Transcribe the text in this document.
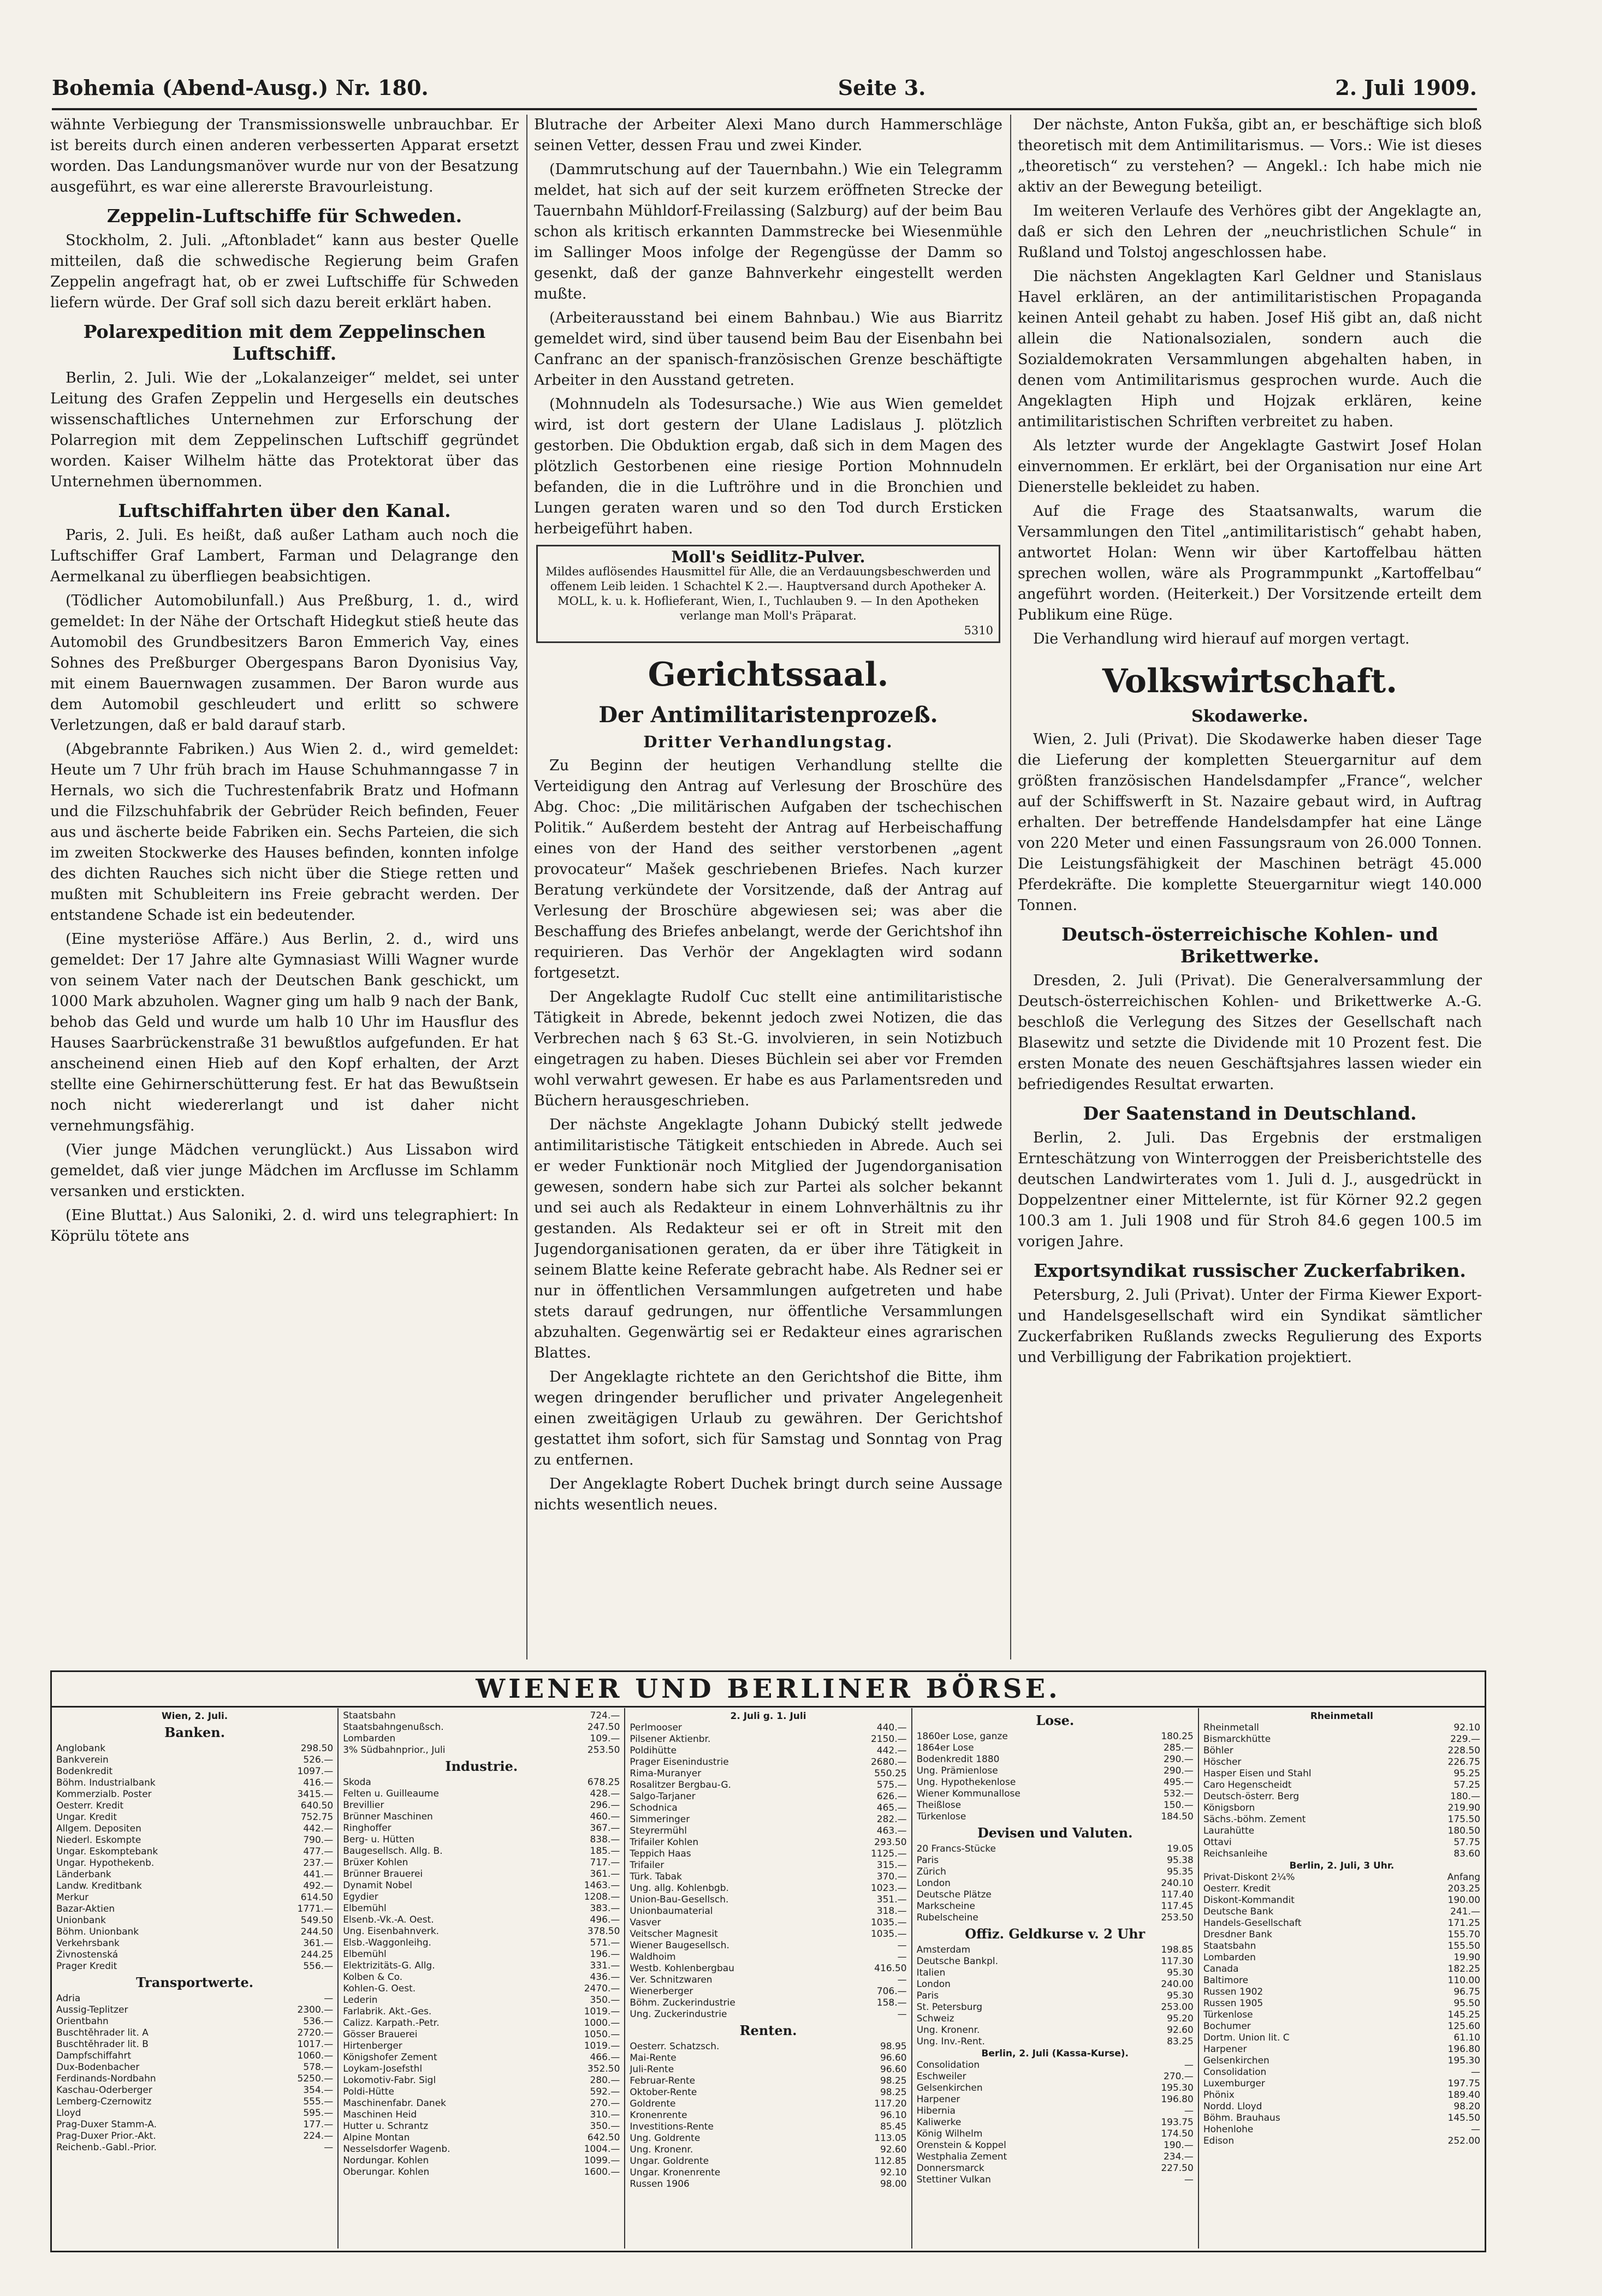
Bohemia (Abend-Ausg.) Nr. 180.	Seite 3.	2. Juli 1909.

wähnte Verbiegung der Transmissionswelle unbrauchbar. Er ist bereits durch einen anderen verbesserten Apparat ersetzt worden. Das Landungsmanöver wurde nur von der Besatzung ausgeführt, es war eine allererste Bravourleistung.

Zeppelin-Luftschiffe für Schweden.

Stockholm, 2. Juli. „Aftonbladet“ kann aus bester Quelle mitteilen, daß die schwedische Regierung beim Grafen Zeppelin angefragt hat, ob er zwei Luftschiffe für Schweden liefern würde. Der Graf soll sich dazu bereit erklärt haben.

Polarexpedition mit dem Zeppelinschen Luftschiff.

Berlin, 2. Juli. Wie der „Lokalanzeiger“ meldet, sei unter Leitung des Grafen Zeppelin und Hergesells ein deutsches wissenschaftliches Unternehmen zur Erforschung der Polarregion mit dem Zeppelinschen Luftschiff gegründet worden. Kaiser Wilhelm hätte das Protektorat über das Unternehmen übernommen.

Luftschiffahrten über den Kanal.

Paris, 2. Juli. Es heißt, daß außer Latham auch noch die Luftschiffer Graf Lambert, Farman und Delagrange den Aermelkanal zu überfliegen beabsichtigen.

(Tödlicher Automobilunfall.) Aus Preßburg, 1. d., wird gemeldet: In der Nähe der Ortschaft Hidegkut stieß heute das Automobil des Grundbesitzers Baron Emmerich Vay, eines Sohnes des Preßburger Obergespans Baron Dyonisius Vay, mit einem Bauernwagen zusammen. Der Baron wurde aus dem Automobil geschleudert und erlitt so schwere Verletzungen, daß er bald darauf starb.

(Abgebrannte Fabriken.) Aus Wien 2. d., wird gemeldet: Heute um 7 Uhr früh brach im Hause Schuhmanngasse 7 in Hernals, wo sich die Tuchrestenfabrik Bratz und Hofmann und die Filzschuhfabrik der Gebrüder Reich befinden, Feuer aus und äscherte beide Fabriken ein. Sechs Parteien, die sich im zweiten Stockwerke des Hauses befinden, konnten infolge des dichten Rauches sich nicht über die Stiege retten und mußten mit Schubleitern ins Freie gebracht werden. Der entstandene Schade ist ein bedeutender.

(Eine mysteriöse Affäre.) Aus Berlin, 2. d., wird uns gemeldet: Der 17 Jahre alte Gymnasiast Willi Wagner wurde von seinem Vater nach der Deutschen Bank geschickt, um 1000 Mark abzuholen. Wagner ging um halb 9 nach der Bank, behob das Geld und wurde um halb 10 Uhr im Hausflur des Hauses Saarbrückenstraße 31 bewußtlos aufgefunden. Er hat anscheinend einen Hieb auf den Kopf erhalten, der Arzt stellte eine Gehirnerschütterung fest. Er hat das Bewußtsein noch nicht wiedererlangt und ist daher nicht vernehmungsfähig.

(Vier junge Mädchen verunglückt.) Aus Lissabon wird gemeldet, daß vier junge Mädchen im Arcflusse im Schlamm versanken und erstickten.

(Eine Bluttat.) Aus Saloniki, 2. d. wird uns telegraphiert: In Köprülu tötete ans

Blutrache der Arbeiter Alexi Mano durch Hammerschläge seinen Vetter, dessen Frau und zwei Kinder.

(Dammrutschung auf der Tauernbahn.) Wie ein Telegramm meldet, hat sich auf der seit kurzem eröffneten Strecke der Tauernbahn Mühldorf-Freilassing (Salzburg) auf der beim Bau schon als kritisch erkannten Dammstrecke bei Wiesenmühle im Sallinger Moos infolge der Regengüsse der Damm so gesenkt, daß der ganze Bahnverkehr eingestellt werden mußte.

(Arbeiterausstand bei einem Bahnbau.) Wie aus Biarritz gemeldet wird, sind über tausend beim Bau der Eisenbahn bei Canfranc an der spanisch-französischen Grenze beschäftigte Arbeiter in den Ausstand getreten.

(Mohnnudeln als Todesursache.) Wie aus Wien gemeldet wird, ist dort gestern der Ulane Ladislaus J. plötzlich gestorben. Die Obduktion ergab, daß sich in dem Magen des plötzlich Gestorbenen eine riesige Portion Mohnnudeln befanden, die in die Luftröhre und in die Bronchien und Lungen geraten waren und so den Tod durch Ersticken herbeigeführt haben.

Moll's Seidlitz-Pulver.
Mildes auflösendes Hausmittel für Alle, die an Verdauungsbeschwerden und offenem Leib leiden. 1 Schachtel K 2.—. Hauptversand durch Apotheker A. MOLL, k. u. k. Hoflieferant, Wien, I., Tuchlauben 9. — In den Apotheken verlange man Moll's Präparat.
5310
Gerichtssaal.
Der Antimilitaristenprozeß.
Dritter Verhandlungstag.

Zu Beginn der heutigen Verhandlung stellte die Verteidigung den Antrag auf Verlesung der Broschüre des Abg. Choc: „Die militärischen Aufgaben der tschechischen Politik.“ Außerdem besteht der Antrag auf Herbeischaffung eines von der Hand des seither verstorbenen „agent provocateur“ Mašek geschriebenen Briefes. Nach kurzer Beratung verkündete der Vorsitzende, daß der Antrag auf Verlesung der Broschüre abgewiesen sei; was aber die Beschaffung des Briefes anbelangt, werde der Gerichtshof ihn requirieren. Das Verhör der Angeklagten wird sodann fortgesetzt.

Der Angeklagte Rudolf Cuc stellt eine antimilitaristische Tätigkeit in Abrede, bekennt jedoch zwei Notizen, die das Verbrechen nach § 63 St.-G. involvieren, in sein Notizbuch eingetragen zu haben. Dieses Büchlein sei aber vor Fremden wohl verwahrt gewesen. Er habe es aus Parlamentsreden und Büchern herausgeschrieben.

Der nächste Angeklagte Johann Dubický stellt jedwede antimilitaristische Tätigkeit entschieden in Abrede. Auch sei er weder Funktionär noch Mitglied der Jugendorganisation gewesen, sondern habe sich zur Partei als solcher bekannt und sei auch als Redakteur in einem Lohnverhältnis zu ihr gestanden. Als Redakteur sei er oft in Streit mit den Jugendorganisationen geraten, da er über ihre Tätigkeit in seinem Blatte keine Referate gebracht habe. Als Redner sei er nur in öffentlichen Versammlungen aufgetreten und habe stets darauf gedrungen, nur öffentliche Versammlungen abzuhalten. Gegenwärtig sei er Redakteur eines agrarischen Blattes.

Der Angeklagte richtete an den Gerichtshof die Bitte, ihm wegen dringender beruflicher und privater Angelegenheit einen zweitägigen Urlaub zu gewähren. Der Gerichtshof gestattet ihm sofort, sich für Samstag und Sonntag von Prag zu entfernen.

Der Angeklagte Robert Duchek bringt durch seine Aussage nichts wesentlich neues.

Der nächste, Anton Fukša, gibt an, er beschäftige sich bloß theoretisch mit dem Antimilitarismus. — Vors.: Wie ist dieses „theoretisch“ zu verstehen? — Angekl.: Ich habe mich nie aktiv an der Bewegung beteiligt.

Im weiteren Verlaufe des Verhöres gibt der Angeklagte an, daß er sich den Lehren der „neuchristlichen Schule“ in Rußland und Tolstoj angeschlossen habe.

Die nächsten Angeklagten Karl Geldner und Stanislaus Havel erklären, an der antimilitaristischen Propaganda keinen Anteil gehabt zu haben. Josef Hiš gibt an, daß nicht allein die Nationalsozialen, sondern auch die Sozialdemokraten Versammlungen abgehalten haben, in denen vom Antimilitarismus gesprochen wurde. Auch die Angeklagten Hiph und Hojzak erklären, keine antimilitaristischen Schriften verbreitet zu haben.

Als letzter wurde der Angeklagte Gastwirt Josef Holan einvernommen. Er erklärt, bei der Organisation nur eine Art Dienerstelle bekleidet zu haben.

Auf die Frage des Staatsanwalts, warum die Versammlungen den Titel „antimilitaristisch“ gehabt haben, antwortet Holan: Wenn wir über Kartoffelbau hätten sprechen wollen, wäre als Programmpunkt „Kartoffelbau“ angeführt worden. (Heiterkeit.) Der Vorsitzende erteilt dem Publikum eine Rüge.

Die Verhandlung wird hierauf auf morgen vertagt.

Volkswirtschaft.
Skodawerke.

Wien, 2. Juli (Privat). Die Skodawerke haben dieser Tage die Lieferung der kompletten Steuergarnitur auf dem größten französischen Handelsdampfer „France“, welcher auf der Schiffswerft in St. Nazaire gebaut wird, in Auftrag erhalten. Der betreffende Handelsdampfer hat eine Länge von 220 Meter und einen Fassungsraum von 26.000 Tonnen. Die Leistungsfähigkeit der Maschinen beträgt 45.000 Pferdekräfte. Die komplette Steuergarnitur wiegt 140.000 Tonnen.

Deutsch-österreichische Kohlen- und Brikettwerke.

Dresden, 2. Juli (Privat). Die Generalversammlung der Deutsch-österreichischen Kohlen- und Brikettwerke A.-G. beschloß die Verlegung des Sitzes der Gesellschaft nach Blasewitz und setzte die Dividende mit 10 Prozent fest. Die ersten Monate des neuen Geschäftsjahres lassen wieder ein befriedigendes Resultat erwarten.

Der Saatenstand in Deutschland.

Berlin, 2. Juli. Das Ergebnis der erstmaligen Ernteschätzung von Winterroggen der Preisberichtstelle des deutschen Landwirterates vom 1. Juli d. J., ausgedrückt in Doppelzentner einer Mittelernte, ist für Körner 92.2 gegen 100.3 am 1. Juli 1908 und für Stroh 84.6 gegen 100.5 im vorigen Jahre.

Exportsyndikat russischer Zuckerfabriken.

Petersburg, 2. Juli (Privat). Unter der Firma Kiewer Export- und Handelsgesellschaft wird ein Syndikat sämtlicher Zuckerfabriken Rußlands zwecks Regulierung des Exports und Verbilligung der Fabrikation projektiert.

WIENER UND BERLINER BÖRSE.
Wien, 2. Juli.
Banken.
Anglobank	298.50
Bankverein	526.—
Bodenkredit	1097.—
Böhm. Industrialbank	416.—
Kommerzialb. Poster	3415.—
Oesterr. Kredit	640.50
Ungar. Kredit	752.75
Allgem. Depositen	442.—
Niederl. Eskompte	790.—
Ungar. Eskomptebank	477.—
Ungar. Hypothekenb.	237.—
Länderbank	441.—
Landw. Kreditbank	492.—
Merkur	614.50
Bazar-Aktien	1771.—
Unionbank	549.50
Böhm. Unionbank	244.50
Verkehrsbank	361.—
Živnostenská	244.25
Prager Kredit	556.—
Transportwerte.
Adria	—
Aussig-Teplitzer	2300.—
Orientbahn	536.—
Buschtěhrader lit. A	2720.—
Buschtěhrader lit. B	1017.—
Dampfschiffahrt	1060.—
Dux-Bodenbacher	578.—
Ferdinands-Nordbahn	5250.—
Kaschau-Oderberger	354.—
Lemberg-Czernowitz	555.—
Lloyd	595.—
Prag-Duxer Stamm-A.	177.—
Prag-Duxer Prior.-Akt.	224.—
Reichenb.-Gabl.-Prior.	—
Staatsbahn	724.—
Staatsbahngenußsch.	247.50
Lombarden	109.—
3% Südbahnprior., Juli	253.50
Industrie.
Skoda	678.25
Felten u. Guilleaume	428.—
Brevillier	296.—
Brünner Maschinen	460.—
Ringhoffer	367.—
Berg- u. Hütten	838.—
Baugesellsch. Allg. B.	185.—
Brüxer Kohlen	717.—
Brünner Brauerei	361.—
Dynamit Nobel	1463.—
Egydier	1208.—
Elbemühl	383.—
Elsenb.-Vk.-A. Oest.	496.—
Ung. Eisenbahnverk.	378.50
Elsb.-Waggonleihg.	571.—
Elbemühl	196.—
Elektrizitäts-G. Allg.	331.—
Kolben & Co.	436.—
Kohlen-G. Oest.	2470.—
Lederin	350.—
Farlabrik. Akt.-Ges.	1019.—
Calizz. Karpath.-Petr.	1000.—
Gösser Brauerei	1050.—
Hirtenberger	1019.—
Königshofer Zement	466.—
Loykam-Josefsthl	352.50
Lokomotiv-Fabr. Sigl	280.—
Poldi-Hütte	592.—
Maschinenfabr. Danek	270.—
Maschinen Heid	310.—
Hutter u. Schrantz	350.—
Alpine Montan	642.50
Nesselsdorfer Wagenb.	1004.—
Nordungar. Kohlen	1099.—
Oberungar. Kohlen	1600.—
2. Juli g. 1. Juli
Perlmooser	440.—
Pilsener Aktienbr.	2150.—
Poldihütte	442.—
Prager Eisenindustrie	2680.—
Rima-Muranyer	550.25
Rosalitzer Bergbau-G.	575.—
Salgo-Tarjaner	626.—
Schodnica	465.—
Simmeringer	282.—
Steyrermühl	463.—
Trifailer Kohlen	293.50
Teppich Haas	1125.—
Trifailer	315.—
Türk. Tabak	370.—
Ung. allg. Kohlenbgb.	1023.—
Union-Bau-Gesellsch.	351.—
Unionbaumaterial	318.—
Vasver	1035.—
Veitscher Magnesit	1035.—
Wiener Baugesellsch.	—
Waldhoim	—
Westb. Kohlenbergbau	416.50
Ver. Schnitzwaren	—
Wienerberger	706.—
Böhm. Zuckerindustrie	158.—
Ung. Zuckerindustrie	—
Renten.
Oesterr. Schatzsch.	98.95
Mai-Rente	96.60
Juli-Rente	96.60
Februar-Rente	98.25
Oktober-Rente	98.25
Goldrente	117.20
Kronenrente	96.10
Investitions-Rente	85.45
Ung. Goldrente	113.05
Ung. Kronenr.	92.60
Ungar. Goldrente	112.85
Ungar. Kronenrente	92.10
Russen 1906	98.00
Lose.
1860er Lose, ganze	180.25
1864er Lose	285.—
Bodenkredit 1880	290.—
Ung. Prämienlose	290.—
Ung. Hypothekenlose	495.—
Wiener Kommunallose	532.—
Theißlose	150.—
Türkenlose	184.50
Devisen und Valuten.
20 Francs-Stücke	19.05
Paris	95.38
Zürich	95.35
London	240.10
Deutsche Plätze	117.40
Markscheine	117.45
Rubelscheine	253.50
Offiz. Geldkurse v. 2 Uhr
Amsterdam	198.85
Deutsche Bankpl.	117.30
Italien	95.30
London	240.00
Paris	95.30
St. Petersburg	253.00
Schweiz	95.20
Ung. Kronenr.	92.60
Ung. Inv.-Rent.	83.25
Berlin, 2. Juli (Kassa-Kurse).
Consolidation	—
Eschweiler	270.—
Gelsenkirchen	195.30
Harpener	196.80
Hibernia	—
Kaliwerke	193.75
König Wilhelm	174.50
Orenstein & Koppel	190.—
Westphalia Zement	234.—
Donnersmarck	227.50
Stettiner Vulkan	—
Rheinmetall
Rheinmetall	92.10
Bismarckhütte	229.—
Böhler	228.50
Höscher	226.75
Hasper Eisen und Stahl	95.25
Caro Hegenscheidt	57.25
Deutsch-österr. Berg	180.—
Königsborn	219.90
Sächs.-böhm. Zement	175.50
Laurahütte	180.50
Ottavi	57.75
Reichsanleihe	83.60
Berlin, 2. Juli, 3 Uhr.
Privat-Diskont 2¼%	Anfang
Oesterr. Kredit	203.25
Diskont-Kommandit	190.00
Deutsche Bank	241.—
Handels-Gesellschaft	171.25
Dresdner Bank	155.70
Staatsbahn	155.50
Lombarden	19.90
Canada	182.25
Baltimore	110.00
Russen 1902	96.75
Russen 1905	95.50
Türkenlose	145.25
Bochumer	125.60
Dortm. Union lit. C	61.10
Harpener	196.80
Gelsenkirchen	195.30
Consolidation	—
Luxemburger	197.75
Phönix	189.40
Nordd. Lloyd	98.20
Böhm. Brauhaus	145.50
Hohenlohe	—
Edison	252.00
